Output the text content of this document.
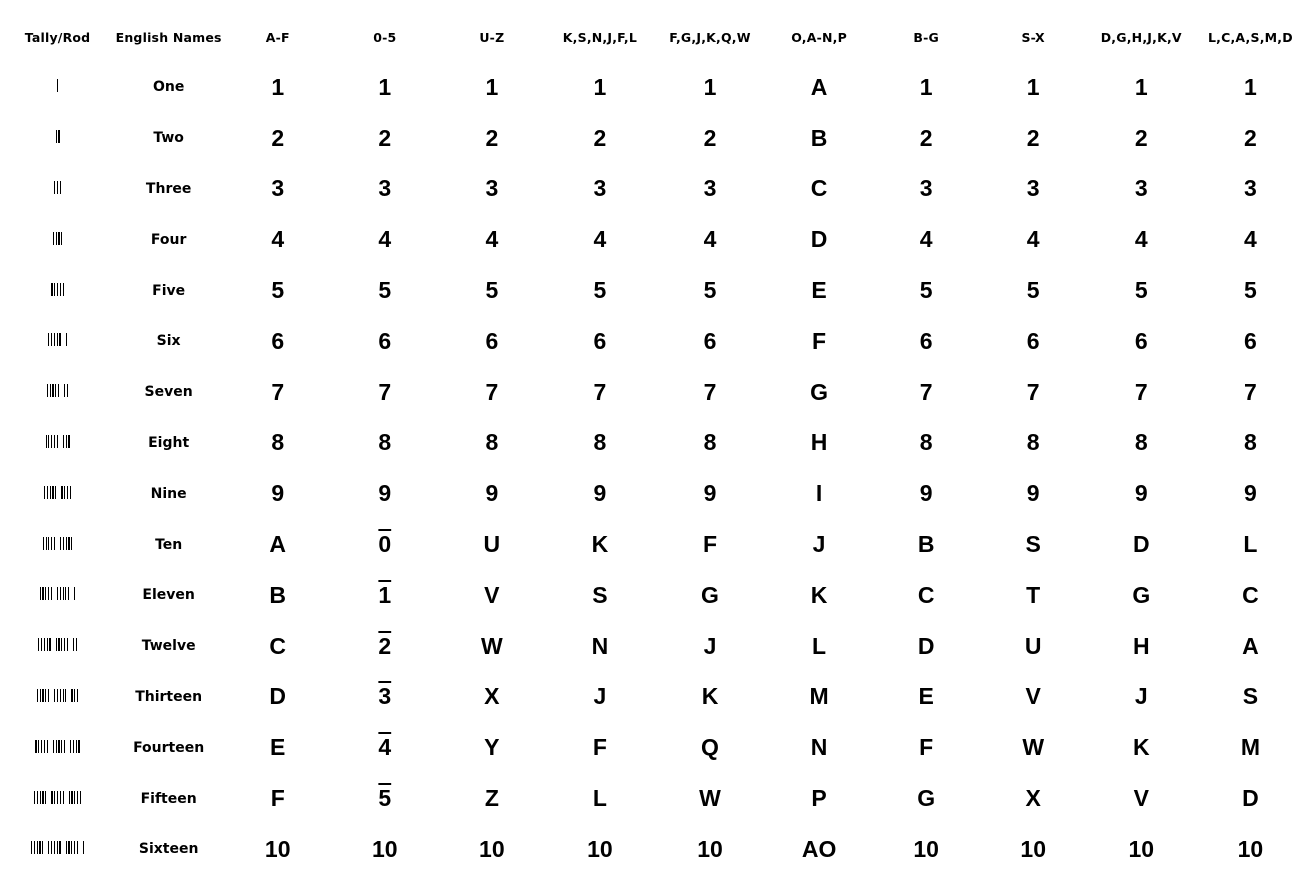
Tally/Rod	English Names	A-F	0-5	U-Z	K,S,N,J,F,L	F,G,J,K,Q,W	O,A-N,P	B-G	S-X	D,G,H,J,K,V	L,C,A,S,M,D

	One	1	1	1	1	1	A	1	1	1	1

	Two	2	2	2	2	2	B	2	2	2	2

	Three	3	3	3	3	3	C	3	3	3	3

	Four	4	4	4	4	4	D	4	4	4	4

	Five	5	5	5	5	5	E	5	5	5	5

	Six	6	6	6	6	6	F	6	6	6	6

	Seven	7	7	7	7	7	G	7	7	7	7

	Eight	8	8	8	8	8	H	8	8	8	8

	Nine	9	9	9	9	9	I	9	9	9	9

	Ten	A	0	U	K	F	J	B	S	D	L

	Eleven	B	1	V	S	G	K	C	T	G	C

	Twelve	C	2	W	N	J	L	D	U	H	A

	Thirteen	D	3	X	J	K	M	E	V	J	S

	Fourteen	E	4	Y	F	Q	N	F	W	K	M

	Fifteen	F	5	Z	L	W	P	G	X	V	D

	Sixteen	10	10	10	10	10	AO	10	10	10	10
